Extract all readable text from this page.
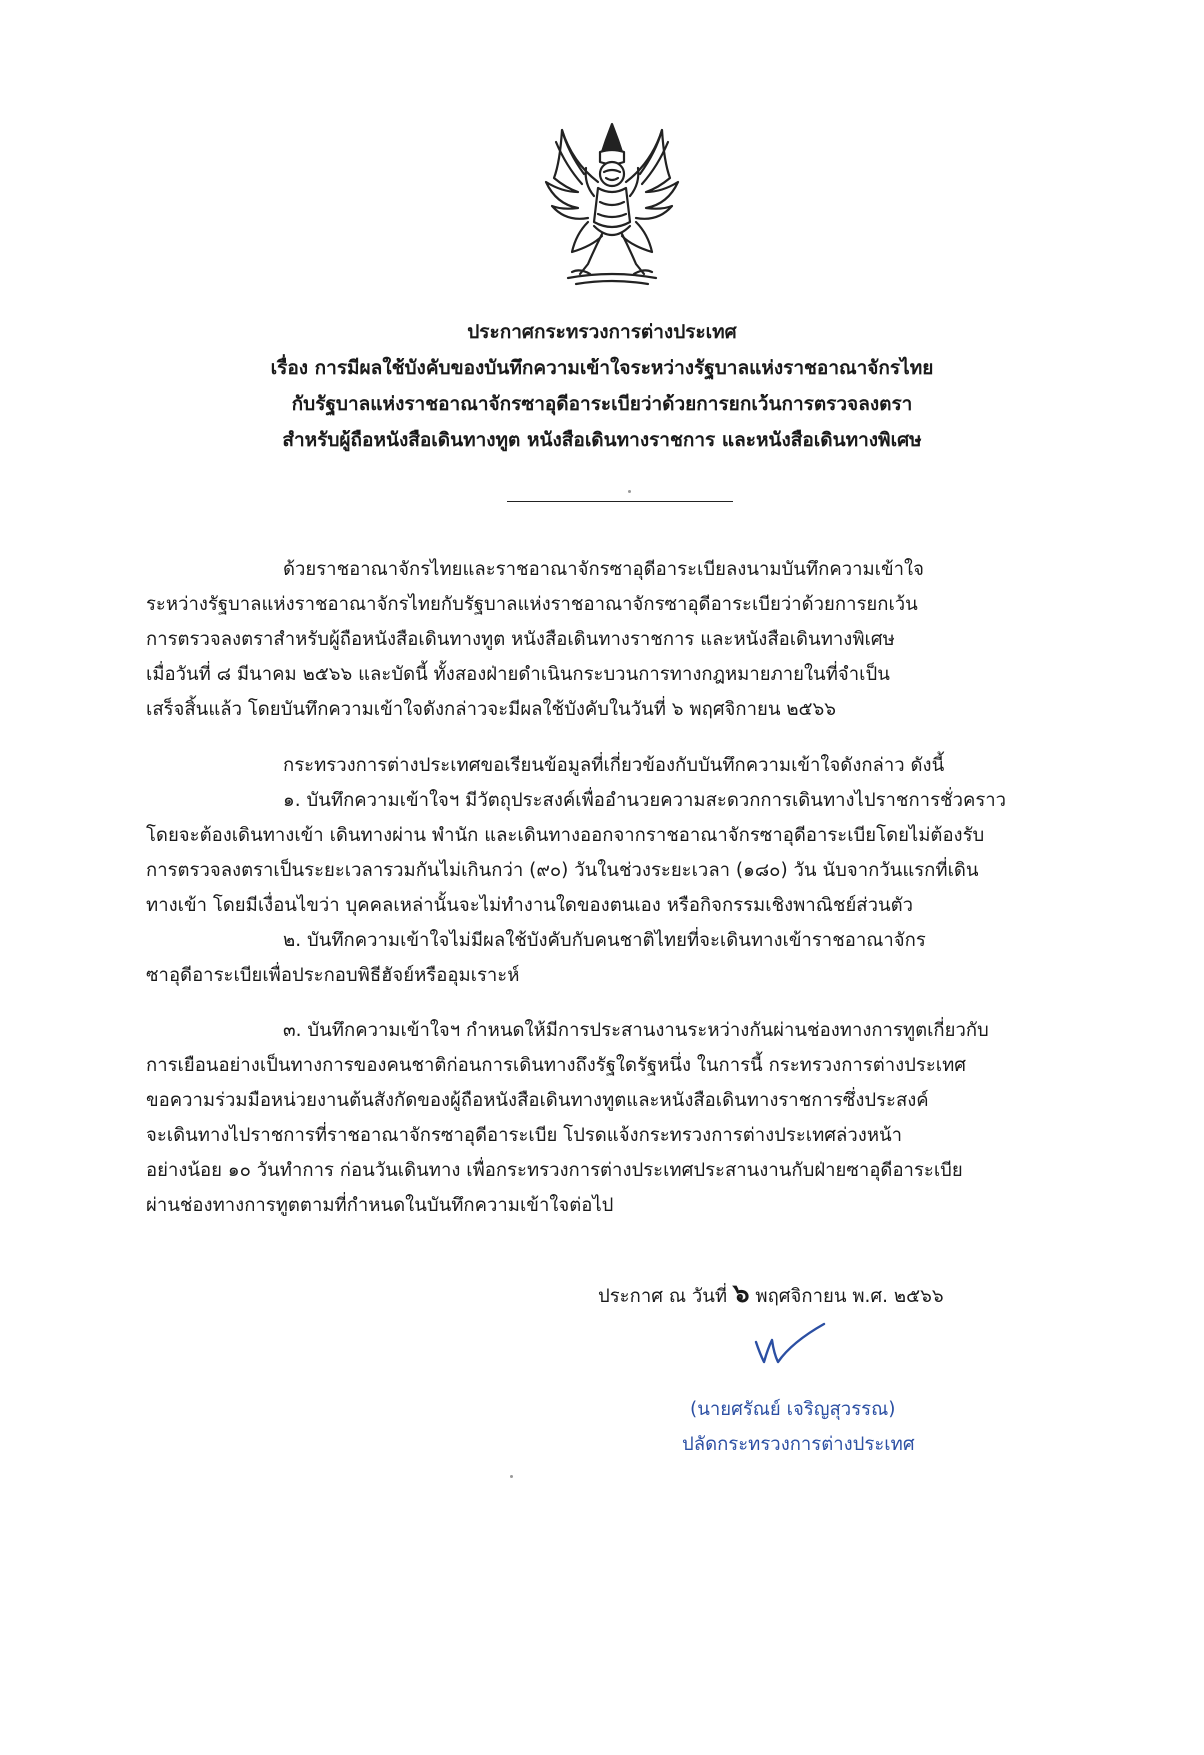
ประกาศกระทรวงการต่างประเทศ
เรื่อง การมีผลใช้บังคับของบันทึกความเข้าใจระหว่างรัฐบาลแห่งราชอาณาจักรไทย
กับรัฐบาลแห่งราชอาณาจักรซาอุดีอาระเบียว่าด้วยการยกเว้นการตรวจลงตรา
สำหรับผู้ถือหนังสือเดินทางทูต หนังสือเดินทางราชการ และหนังสือเดินทางพิเศษ
ด้วยราชอาณาจักรไทยและราชอาณาจักรซาอุดีอาระเบียลงนามบันทึกความเข้าใจ
ระหว่างรัฐบาลแห่งราชอาณาจักรไทยกับรัฐบาลแห่งราชอาณาจักรซาอุดีอาระเบียว่าด้วยการยกเว้น
การตรวจลงตราสำหรับผู้ถือหนังสือเดินทางทูต หนังสือเดินทางราชการ และหนังสือเดินทางพิเศษ
เมื่อวันที่ ๘ มีนาคม ๒๕๖๖ และบัดนี้ ทั้งสองฝ่ายดำเนินกระบวนการทางกฎหมายภายในที่จำเป็น
เสร็จสิ้นแล้ว โดยบันทึกความเข้าใจดังกล่าวจะมีผลใช้บังคับในวันที่ ๖ พฤศจิกายน ๒๕๖๖
กระทรวงการต่างประเทศขอเรียนข้อมูลที่เกี่ยวข้องกับบันทึกความเข้าใจดังกล่าว ดังนี้
๑. บันทึกความเข้าใจฯ มีวัตถุประสงค์เพื่ออำนวยความสะดวกการเดินทางไปราชการชั่วคราว
โดยจะต้องเดินทางเข้า เดินทางผ่าน พำนัก และเดินทางออกจากราชอาณาจักรซาอุดีอาระเบียโดยไม่ต้องรับ
การตรวจลงตราเป็นระยะเวลารวมกันไม่เกินกว่า (๙๐) วันในช่วงระยะเวลา (๑๘๐) วัน นับจากวันแรกที่เดิน
ทางเข้า โดยมีเงื่อนไขว่า บุคคลเหล่านั้นจะไม่ทำงานใดของตนเอง หรือกิจกรรมเชิงพาณิชย์ส่วนตัว
๒. บันทึกความเข้าใจไม่มีผลใช้บังคับกับคนชาติไทยที่จะเดินทางเข้าราชอาณาจักร
ซาอุดีอาระเบียเพื่อประกอบพิธีฮัจย์หรืออุมเราะห์
๓. บันทึกความเข้าใจฯ กำหนดให้มีการประสานงานระหว่างกันผ่านช่องทางการทูตเกี่ยวกับ
การเยือนอย่างเป็นทางการของคนชาติก่อนการเดินทางถึงรัฐใดรัฐหนึ่ง ในการนี้ กระทรวงการต่างประเทศ
ขอความร่วมมือหน่วยงานต้นสังกัดของผู้ถือหนังสือเดินทางทูตและหนังสือเดินทางราชการซึ่งประสงค์
จะเดินทางไปราชการที่ราชอาณาจักรซาอุดีอาระเบีย โปรดแจ้งกระทรวงการต่างประเทศล่วงหน้า
อย่างน้อย ๑๐ วันทำการ ก่อนวันเดินทาง เพื่อกระทรวงการต่างประเทศประสานงานกับฝ่ายซาอุดีอาระเบีย
ผ่านช่องทางการทูตตามที่กำหนดในบันทึกความเข้าใจต่อไป
ประกาศ ณ วันที่ ๖ พฤศจิกายน พ.ศ. ๒๕๖๖
(นายศรัณย์ เจริญสุวรรณ)
ปลัดกระทรวงการต่างประเทศ
